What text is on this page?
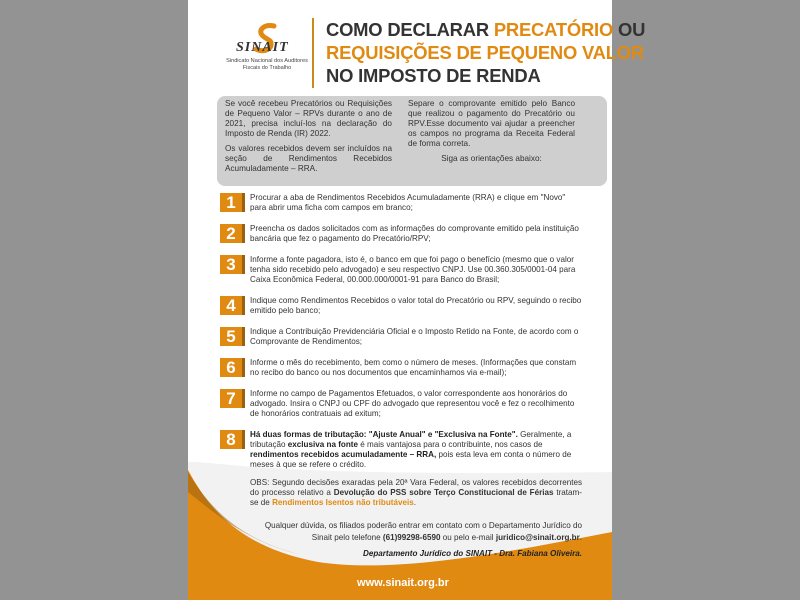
SINAIT
Sindicato Nacional dos Auditores Fiscais do Trabalho
COMO DECLARAR PRECATÓRIO OU
REQUISIÇÕES DE PEQUENO VALOR
NO IMPOSTO DE RENDA

Se você recebeu Precatórios ou Requisições de Pequeno Valor – RPVs durante o ano de 2021, precisa incluí-los na declaração do Imposto de Renda (IR) 2022.

Os valores recebidos devem ser incluídos na seção de Rendimentos Recebidos Acumuladamente – RRA.

Separe o comprovante emitido pelo Banco que realizou o pagamento do Precatório ou RPV.Esse documento vai ajudar a preencher os campos no programa da Receita Federal de forma correta.

Siga as orientações abaixo:

1	Procurar a aba de Rendimentos Recebidos Acumuladamente (RRA) e clique em "Novo" para abrir uma ficha com campos em branco;
2	Preencha os dados solicitados com as informações do comprovante emitido pela instituição bancária que fez o pagamento do Precatório/RPV;
3	Informe a fonte pagadora, isto é, o banco em que foi pago o benefício (mesmo que o valor tenha sido recebido pelo advogado) e seu respectivo CNPJ. Use 00.360.305/0001-04 para Caixa Econômica Federal, 00.000.000/0001-91 para Banco do Brasil;
4	Indique como Rendimentos Recebidos o valor total do Precatório ou RPV, seguindo o recibo emitido pelo banco;
5	Indique a Contribuição Previdenciária Oficial e o Imposto Retido na Fonte, de acordo com o Comprovante de Rendimentos;
6	Informe o mês do recebimento, bem como o número de meses. (Informações que constam no recibo do banco ou nos documentos que encaminhamos via e-mail);
7	Informe no campo de Pagamentos Efetuados, o valor correspondente aos honorários do advogado. Insira o CNPJ ou CPF do advogado que representou você e fez o recolhimento de honorários contratuais ad exitum;
8	Há duas formas de tributação: "Ajuste Anual" e "Exclusiva na Fonte". Geralmente, a tributação exclusiva na fonte é mais vantajosa para o contribuinte, nos casos de rendimentos recebidos acumuladamente – RRA, pois esta leva em conta o número de meses à que se refere o crédito.
OBS: Segundo decisões exaradas pela 20ª Vara Federal, os valores recebidos decorrentes do processo relativo a Devolução do PSS sobre Terço Constitucional de Férias tratam-se de Rendimentos Isentos não tributáveis.
Qualquer dúvida, os filiados poderão entrar em contato com o Departamento Jurídico do Sinait pelo telefone (61)99298-6590 ou pelo e-mail juridico@sinait.org.br.
Departamento Jurídico do SINAIT - Dra. Fabiana Oliveira.
www.sinait.org.br
